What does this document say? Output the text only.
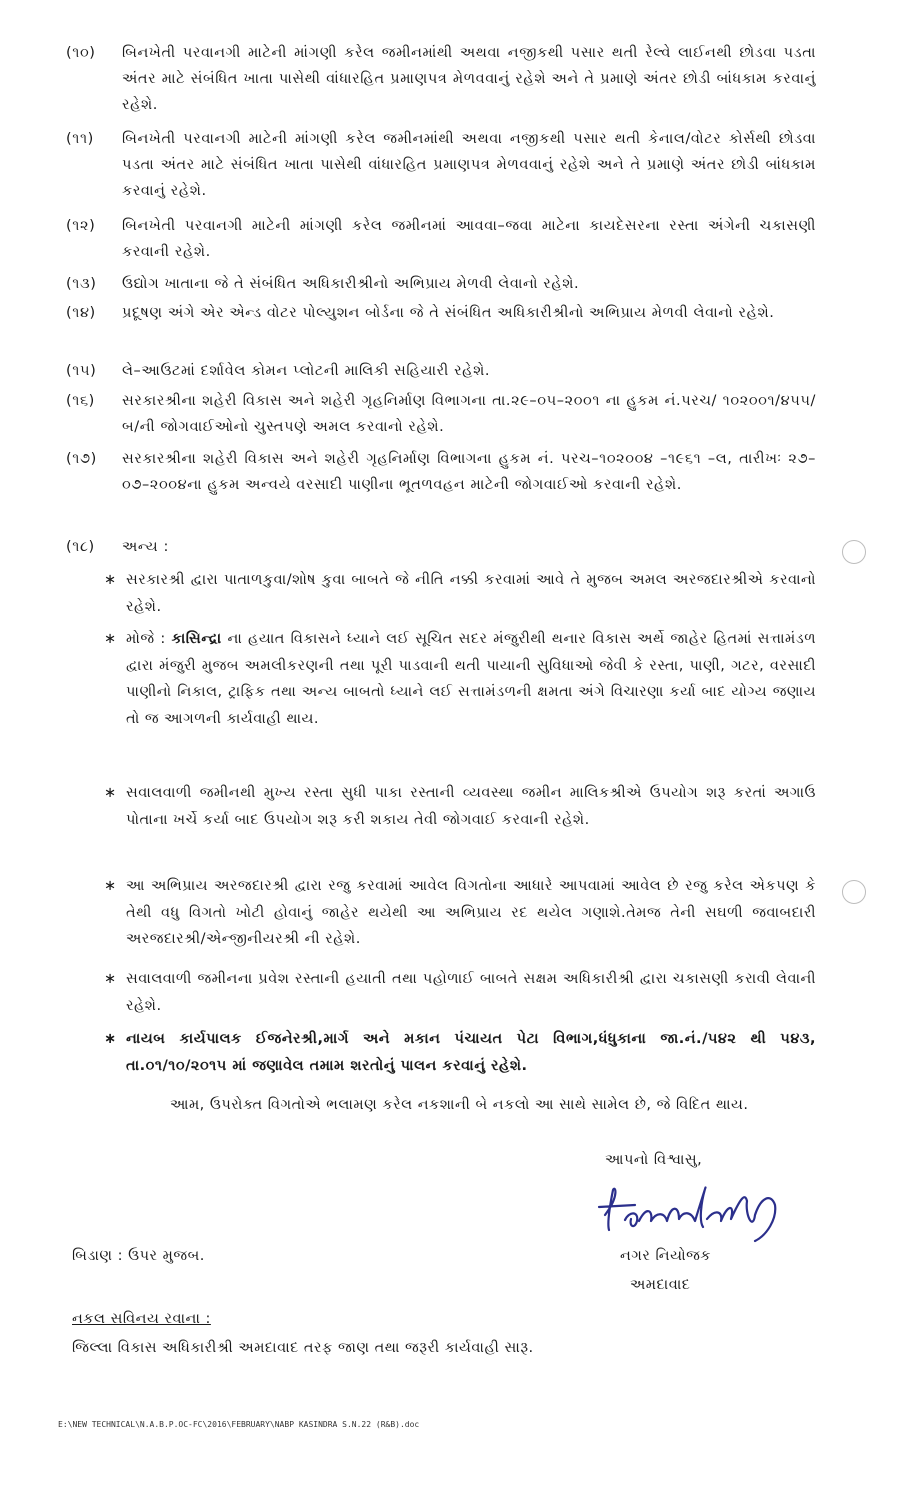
(૧૦)	બિનખેતી પરવાનગી માટેની માંગણી કરેલ જમીનમાંથી અથવા નજીકથી પસાર થતી રેલ્વે લાઈનથી છોડવા પડતા અંતર માટે સંબંધિત ખાતા પાસેથી વાંધારહિત પ્રમાણપત્ર મેળવવાનું રહેશે અને તે પ્રમાણે અંતર છોડી બાંધકામ કરવાનું રહેશે.
(૧૧)	બિનખેતી પરવાનગી માટેની માંગણી કરેલ જમીનમાંથી અથવા નજીકથી પસાર થતી કેનાલ/વોટર કોર્સથી છોડવા પડતા અંતર માટે સંબંધિત ખાતા પાસેથી વાંધારહિત પ્રમાણપત્ર મેળવવાનું રહેશે અને તે પ્રમાણે અંતર છોડી બાંધકામ કરવાનું રહેશે.
(૧૨)	બિનખેતી પરવાનગી માટેની માંગણી કરેલ જમીનમાં આવવા–જવા માટેના કાયદેસરના રસ્તા અંગેની ચકાસણી કરવાની રહેશે.
(૧૩)	ઉદ્યોગ ખાતાના જે તે સંબંધિત અધિકારીશ્રીનો અભિપ્રાય મેળવી લેવાનો રહેશે.
(૧૪)	પ્રદૂષણ અંગે એર એન્ડ વોટર પોલ્યુશન બોર્ડના જે તે સંબંધિત અધિકારીશ્રીનો અભિપ્રાય મેળવી લેવાનો રહેશે.
(૧૫)	લે–આઉટમાં દર્શાવેલ કોમન પ્લોટની માલિકી સહિયારી રહેશે.
(૧૬)	સરકારશ્રીના શહેરી વિકાસ અને શહેરી ગૃહનિર્માણ વિભાગના તા.૨૯–૦૫–૨૦૦૧ ના હુકમ નં.પરચ/ ૧૦૨૦૦૧/૪૫૫/બ/ની જોગવાઈઓનો ચુસ્તપણે અમલ કરવાનો રહેશે.
(૧૭)	સરકારશ્રીના શહેરી વિકાસ અને શહેરી ગૃહનિર્માણ વિભાગના હુકમ નં. પરચ–૧૦૨૦૦૪ –૧૯૬૧ –લ, તારીખઃ ૨૭–૦૭–૨૦૦૪ના હુકમ અન્વયે વરસાદી પાણીના ભૂતળવહન માટેની જોગવાઈઓ કરવાની રહેશે.
(૧૮)	અન્ય :
∗ સરકારશ્રી દ્વારા પાતાળકુવા/શોષ કુવા બાબતે જે નીતિ નક્કી કરવામાં આવે તે મુજબ અમલ અરજદારશ્રીએ કરવાનો રહેશે.
∗ મોજે : કાસિન્દ્રા ના હયાત વિકાસને ધ્યાને લઈ સૂચિત સદર મંજુરીથી થનાર વિકાસ અર્થે જાહેર હિતમાં સત્તામંડળ દ્વારા મંજુરી મુજબ અમલીકરણની તથા પૂરી પાડવાની થતી પાયાની સુવિધાઓ જેવી કે રસ્તા, પાણી, ગટર, વરસાદી પાણીનો નિકાલ, ટ્રાફિક તથા અન્ય બાબતો ધ્યાને લઈ સત્તામંડળની ક્ષમતા અંગે વિચારણા કર્યા બાદ યોગ્ય જણાય તો જ આગળની કાર્યવાહી થાય.
∗ સવાલવાળી જમીનથી મુખ્ય રસ્તા સુધી પાકા રસ્તાની વ્યવસ્થા જમીન માલિકશ્રીએ ઉપયોગ શરૂ કરતાં અગાઉ પોતાના ખર્ચે કર્યા બાદ ઉપયોગ શરૂ કરી શકાય તેવી જોગવાઈ કરવાની રહેશે.
∗ આ અભિપ્રાય અરજદારશ્રી દ્વારા રજુ કરવામાં આવેલ વિગતોના આધારે આપવામાં આવેલ છે રજુ કરેલ એકપણ કે તેથી વધુ વિગતો ખોટી હોવાનું જાહેર થયેથી આ અભિપ્રાય રદ થયેલ ગણાશે.તેમજ તેની સઘળી જવાબદારી અરજદારશ્રી/એન્જીનીયરશ્રી ની રહેશે.
∗ સવાલવાળી જમીનના પ્રવેશ રસ્તાની હયાતી તથા પહોળાઈ બાબતે સક્ષમ અધિકારીશ્રી દ્વારા ચકાસણી કરાવી લેવાની રહેશે.
∗ નાયબ કાર્યપાલક ઈજનેરશ્રી,માર્ગ અને મકાન પંચાયત પેટા વિભાગ,ધંધુકાના જા.નં./૫૪૨ થી ૫૪૩, તા.૦૧/૧૦/૨૦૧૫ માં જણાવેલ તમામ શરતોનું પાલન કરવાનું રહેશે.
આમ, ઉપરોક્ત વિગતોએ ભલામણ કરેલ નકશાની બે નકલો આ સાથે સામેલ છે, જે વિદિત થાય.
આપનો વિશ્વાસુ,
નગર નિયોજક
અમદાવાદ
બિડાણ : ઉપર મુજબ.
નકલ સવિનય રવાના :
જિલ્લા વિકાસ અધિકારીશ્રી અમદાવાદ તરફ જાણ તથા જરૂરી કાર્યવાહી સારૂ.
E:\NEW TECHNICAL\N.A.B.P.OC-FC\2016\FEBRUARY\NABP KASINDRA S.N.22 (R&B).doc
